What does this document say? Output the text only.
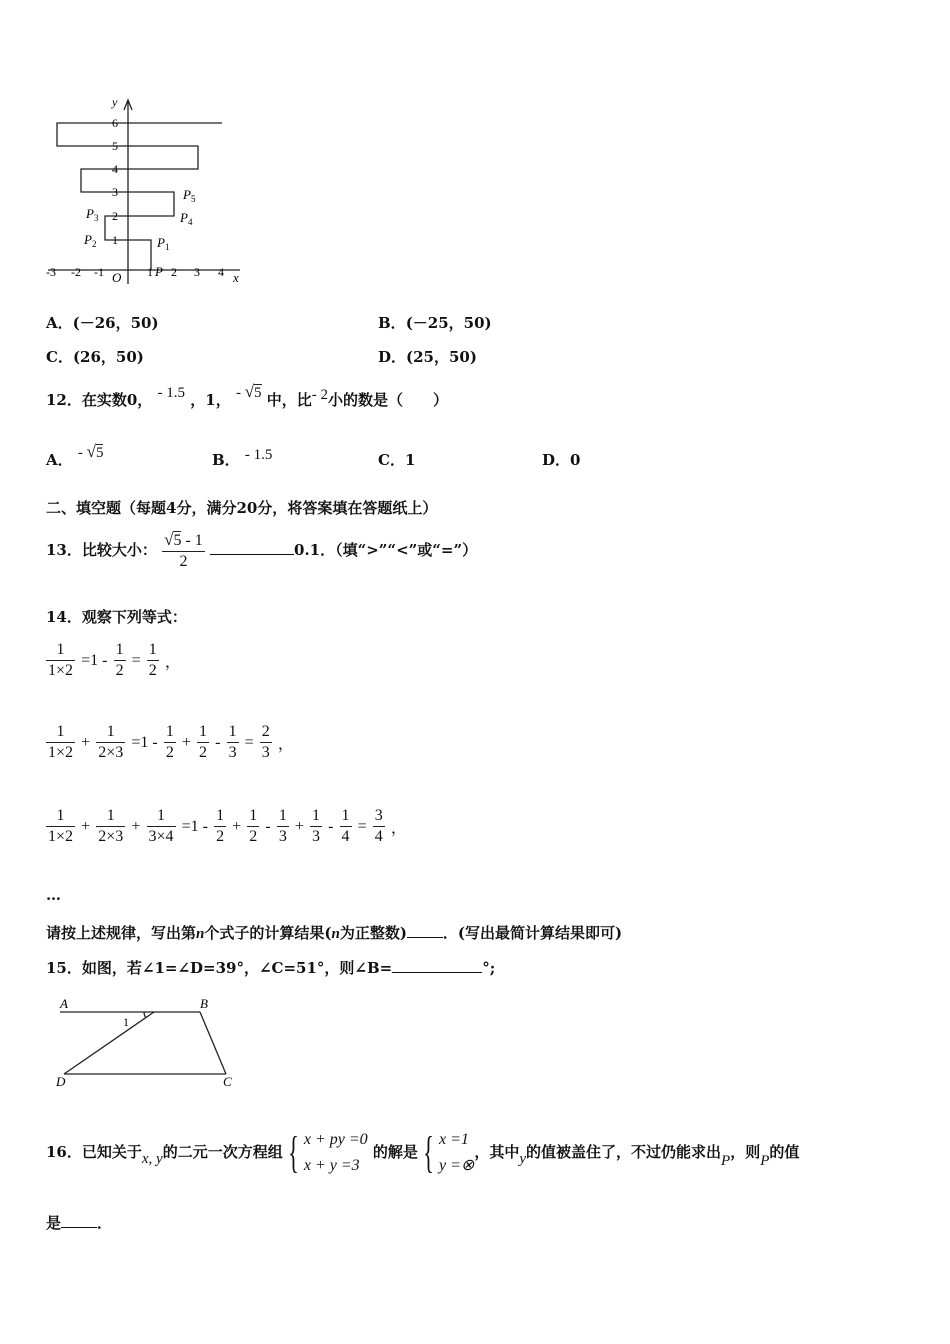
y
x
O
-3 -2 -1	1 2 3 4
1
2
3
4
5
6
P
$P_1$
$P_2$
$P_3$	$P_4$
$P_5$
A．(－26，50)	B．(－25，50)
C．(26，50)	D．(25，50)
12．在实数0， - 1.5 ，1， - √5 中，比- 2小的数是（　　）
A． - √5	B． - 1.5	C．1	D．0
二、填空题（每题4分，满分20分，将答案填在答题纸上）
13．比较大小： $\frac{√5 - 1}{2}$	0.1．（填“>”“<”或“=”）
14．观察下列等式：
$\frac{1}{1\times 2} =1 - \frac{1}{2} = \frac{1}{2}$ ，
$\frac{1}{1\times 2} + \frac{1}{2\times 3} =1 - \frac{1}{2} + \frac{1}{2} - \frac{1}{3} = \frac{2}{3}$ ，
$\frac{1}{1\times 2} + \frac{1}{2\times 3} + \frac{1}{3\times 4} =1 - \frac{1}{2} + \frac{1}{2} - \frac{1}{3} + \frac{1}{3} - \frac{1}{4} = \frac{3}{4}$ ，
…
请按上述规律，写出第n个式子的计算结果(n为正整数) ．(写出最简计算结果即可)
15．如图，若∠1=∠D=39°，∠C=51°，则∠B=	°;
A	B
C
D
1
16．已知关于x, y的二元一次方程组 { x + py =0
x + y =3
的解是 { x =1
y =⊗
，其中y的值被盖住了，不过仍能求出P，则P的值
是 ．
